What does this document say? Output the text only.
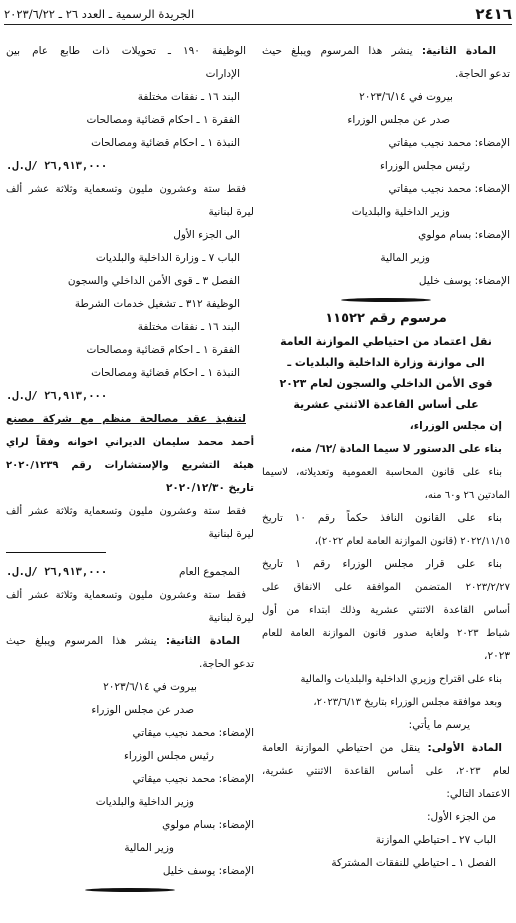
٢٤١٦
الجريدة الرسمية ـ العدد ٢٦ ـ ٢٠٢٣/٦/٢٢
المادة الثانية: ينشر هذا المرسوم ويبلغ حيث
تدعو الحاجة.
بيروت في ٢٠٢٣/٦/١٤
صدر عن مجلس الوزراء
الإمضاء: محمد نجيب ميقاتي
رئيس مجلس الوزراء
الإمضاء: محمد نجيب ميقاتي
وزير الداخلية والبلديات
الإمضاء: بسام مولوي
وزير المالية
الإمضاء: يوسف خليل
مرسوم رقم ١١٥٢٢
نقل اعتماد من احتياطي الموازنة العامة
الى موازنة وزارة الداخلية والبلديات ـ
قوى الأمن الداخلي والسجون لعام ٢٠٢٣
على أساس القاعدة الاثنتي عشرية
إن مجلس الوزراء،
بناء على الدستور لا سيما المادة /٦٢/ منه،
بناء على قانون المحاسبة العمومية وتعديلاته، لاسيما
المادتين ٢٦ و٦٠ منه،
بناء على القانون النافذ حكماً رقم ١٠ تاريخ
٢٠٢٢/١١/١٥ (قانون الموازنة العامة لعام ٢٠٢٢)،
بناء على قرار مجلس الوزراء رقم ١ تاريخ
٢٠٢٣/٢/٢٧ المتضمن الموافقة على الانفاق على
أساس القاعدة الاثنتي عشرية وذلك ابتداء من أول
شباط ٢٠٢٣ ولغاية صدور قانون الموازنة العامة للعام
٢٠٢٣،
بناء على اقتراح وزيري الداخلية والبلديات والمالية
وبعد موافقة مجلس الوزراء بتاريخ ٢٠٢٣/٦/١٣،
يرسم ما يأتي:
المادة الأولى: ينقل من احتياطي الموازنة العامة
لعام ٢٠٢٣، على أساس القاعدة الاثنتي عشرية،
الاعتماد التالي:
من الجزء الأول:
الباب ٢٧ ـ احتياطي الموازنة
الفصل ١ ـ احتياطي للنفقات المشتركة
الوظيفة ١٩٠ ـ تحويلات ذات طابع عام بين
الإدارات
البند ١٦ ـ نفقات مختلفة
الفقرة ١ ـ احكام قضائية ومصالحات
النبذة ١ ـ احكام قضائية ومصالحات
٢٦,٩١٣,٠٠٠ /ل.ل.
فقط ستة وعشرون مليون وتسعماية وثلاثة عشر ألف
ليرة لبنانية
الى الجزء الأول
الباب ٧ ـ وزارة الداخلية والبلديات
الفصل ٣ ـ قوى الأمن الداخلي والسجون
الوظيفة ٣١٢ ـ تشغيل خدمات الشرطة
البند ١٦ ـ نفقات مختلفة
الفقرة ١ ـ احكام قضائية ومصالحات
النبذة ١ ـ احكام قضائية ومصالحات
٢٦,٩١٣,٠٠٠ /ل.ل.
لتنفيذ عقد مصالحة منظم مع شركة مصنع
أحمد محمد سليمان الديراني اخوانه وفقاً لراي
هيئة التشريع والإستشارات رقم ٢٠٢٠/١٢٣٩
تاريخ ٢٠٢٠/١٢/٣٠
فقط ستة وعشرون مليون وتسعماية وثلاثة عشر ألف
ليرة لبنانية
المجموع العام
٢٦,٩١٣,٠٠٠ /ل.ل.
فقط ستة وعشرون مليون وتسعماية وثلاثة عشر ألف
ليرة لبنانية
المادة الثانية: ينشر هذا المرسوم ويبلغ حيث
تدعو الحاجة.
بيروت في ٢٠٢٣/٦/١٤
صدر عن مجلس الوزراء
الإمضاء: محمد نجيب ميقاتي
رئيس مجلس الوزراء
الإمضاء: محمد نجيب ميقاتي
وزير الداخلية والبلديات
الإمضاء: بسام مولوي
وزير المالية
الإمضاء: يوسف خليل
